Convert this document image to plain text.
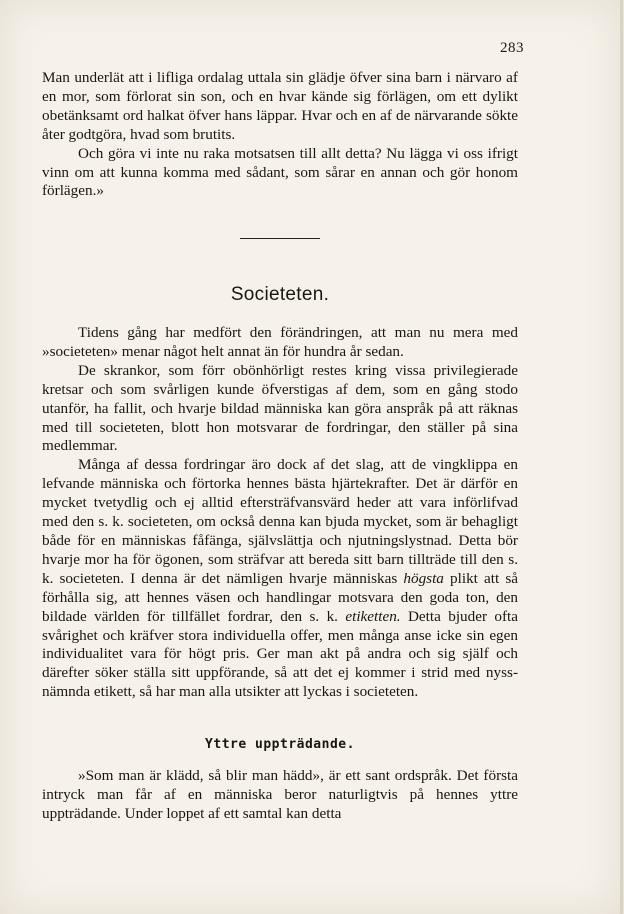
283

Man underlät att i lifliga ordalag uttala sin glädje öfver sina barn i närvaro af en mor, som förlorat sin son, och en hvar kände sig förlägen, om ett dylikt obetänksamt ord halkat öfver hans läppar. Hvar och en af de närvarande sökte åter godtgöra, hvad som brutits.

Och göra vi inte nu raka motsatsen till allt detta? Nu lägga vi oss ifrigt vinn om att kunna komma med sådant, som sårar en annan och gör honom förlägen.»

Societeten.

Tidens gång har medfört den förändringen, att man nu mera med »societeten» menar något helt annat än för hundra år sedan.

De skrankor, som förr obönhörligt restes kring vissa privilegierade kretsar och som svårligen kunde öfverstigas af dem, som en gång stodo utanför, ha fallit, och hvarje bildad människa kan göra anspråk på att räknas med till societeten, blott hon motsvarar de fordringar, den ställer på sina medlemmar.

Många af dessa fordringar äro dock af det slag, att de vingklippa en lefvande människa och förtorka hennes bästa hjärtekrafter. Det är därför en mycket tvetydlig och ej alltid eftersträfvansvärd heder att vara införlifvad med den s. k. societeten, om också denna kan bjuda mycket, som är behagligt både för en människas fåfänga, självslättja och njutningslystnad. Detta bör hvarje mor ha för ögonen, som sträfvar att bereda sitt barn tillträde till den s. k. societeten. I denna är det nämligen hvarje människas högsta plikt att så förhålla sig, att hennes väsen och handlingar motsvara den goda ton, den bildade världen för tillfället fordrar, den s. k. etiketten. Detta bjuder ofta svårighet och kräfver stora individuella offer, men många anse icke sin egen individualitet vara för högt pris. Ger man akt på andra och sig själf och därefter söker ställa sitt uppförande, så att det ej kommer i strid med nyssnämnda etikett, så har man alla utsikter att lyckas i societeten.

Yttre uppträdande.

»Som man är klädd, så blir man hädd», är ett sant ordspråk. Det första intryck man får af en människa beror naturligtvis på hennes yttre uppträdande. Under loppet af ett samtal kan detta
